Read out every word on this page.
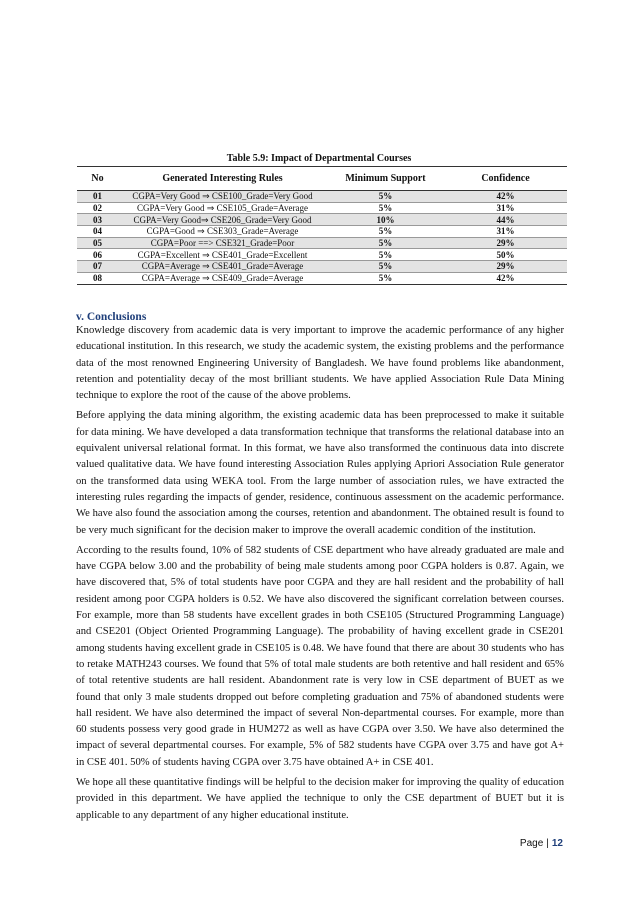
Table 5.9: Impact of Departmental Courses
No	Generated Interesting Rules	Minimum Support	Confidence
01	CGPA=Very Good ⇒ CSE100_Grade=Very Good	5%	42%
02	CGPA=Very Good ⇒ CSE105_Grade=Average	5%	31%
03	CGPA=Very Good⇒ CSE206_Grade=Very Good	10%	44%
04	CGPA=Good ⇒ CSE303_Grade=Average	5%	31%
05	CGPA=Poor ==> CSE321_Grade=Poor	5%	29%
06	CGPA=Excellent ⇒ CSE401_Grade=Excellent	5%	50%
07	CGPA=Average ⇒ CSE401_Grade=Average	5%	29%
08	CGPA=Average ⇒ CSE409_Grade=Average	5%	42%
v. Conclusions

Knowledge discovery from academic data is very important to improve the academic performance of any higher educational institution. In this research, we study the academic system, the existing problems and the performance data of the most renowned Engineering University of Bangladesh. We have found problems like abandonment, retention and potentiality decay of the most brilliant students. We have applied Association Rule Data Mining technique to explore the root of the cause of the above problems.

Before applying the data mining algorithm, the existing academic data has been preprocessed to make it suitable for data mining. We have developed a data transformation technique that transforms the relational database into an equivalent universal relational format. In this format, we have also transformed the continuous data into discrete valued qualitative data. We have found interesting Association Rules applying Apriori Association Rule generator on the transformed data using WEKA tool. From the large number of association rules, we have extracted the interesting rules regarding the impacts of gender, residence, continuous assessment on the academic performance. We have also found the association among the courses, retention and abandonment. The obtained result is found to be very much significant for the decision maker to improve the overall academic condition of the institution.

According to the results found, 10% of 582 students of CSE department who have already graduated are male and have CGPA below 3.00 and the probability of being male students among poor CGPA holders is 0.87. Again, we have discovered that, 5% of total students have poor CGPA and they are hall resident and the probability of hall resident among poor CGPA holders is 0.52. We have also discovered the significant correlation between courses. For example, more than 58 students have excellent grades in both CSE105 (Structured Programming Language) and CSE201 (Object Oriented Programming Language). The probability of having excellent grade in CSE201 among students having excellent grade in CSE105 is 0.48. We have found that there are about 30 students who has to retake MATH243 courses. We found that 5% of total male students are both retentive and hall resident and 65% of total retentive students are hall resident. Abandonment rate is very low in CSE department of BUET as we found that only 3 male students dropped out before completing graduation and 75% of abandoned students were hall resident. We have also determined the impact of several Non-departmental courses. For example, more than 60 students possess very good grade in HUM272 as well as have CGPA over 3.50. We have also determined the impact of several departmental courses. For example, 5% of 582 students have CGPA over 3.75 and have got A+ in CSE 401. 50% of students having CGPA over 3.75 have obtained A+ in CSE 401.

We hope all these quantitative findings will be helpful to the decision maker for improving the quality of education provided in this department. We have applied the technique to only the CSE department of BUET but it is applicable to any department of any higher educational institute.

Page | 12
